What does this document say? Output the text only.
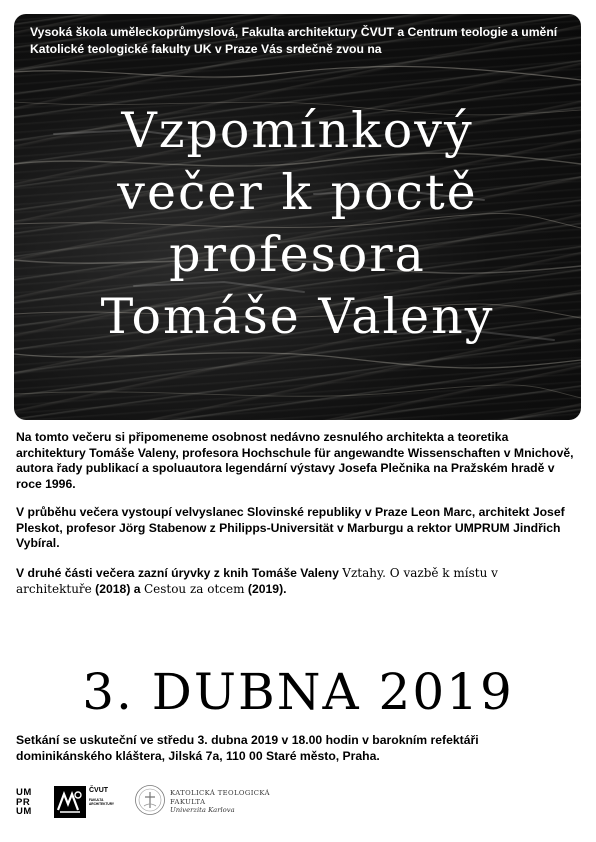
Vysoká škola uměleckoprůmyslová, Fakulta architektury ČVUT a Centrum teologie a umění Katolické teologické fakulty UK v Praze Vás srdečně zvou na

Vzpomínkový
večer k poctě
profesora
Tomáše Valeny

Na tomto večeru si připomeneme osobnost nedávno zesnulého architekta a teoretika architektury Tomáše Valeny, profesora Hochschule für angewandte Wissenschaften v Mnichově, autora řady publikací a spoluautora legendární výstavy Josefa Plečnika na Pražském hradě v roce 1996.

V průběhu večera vystoupí velvyslanec Slovinské republiky v Praze Leon Marc, architekt Josef Pleskot, profesor Jörg Stabenow z Philipps-Universität v Marburgu a rektor UMPRUM Jindřich Vybíral.

V druhé části večera zazní úryvky z knih Tomáše Valeny Vztahy. O vazbě k místu v architektuře (2018) a Cestou za otcem (2019).

3. DUBNA 2019

Setkání se uskuteční ve středu 3. dubna 2019 v 18.00 hodin v barokním refektáři dominikánského kláštera, Jilská 7a, 110 00 Staré město, Praha.

UM
PR
UM
ČVUT
FAKULTA ARCHITEKTURY
KATOLICKÁ TEOLOGICKÁ
FAKULTA
Univerzita Karlova
